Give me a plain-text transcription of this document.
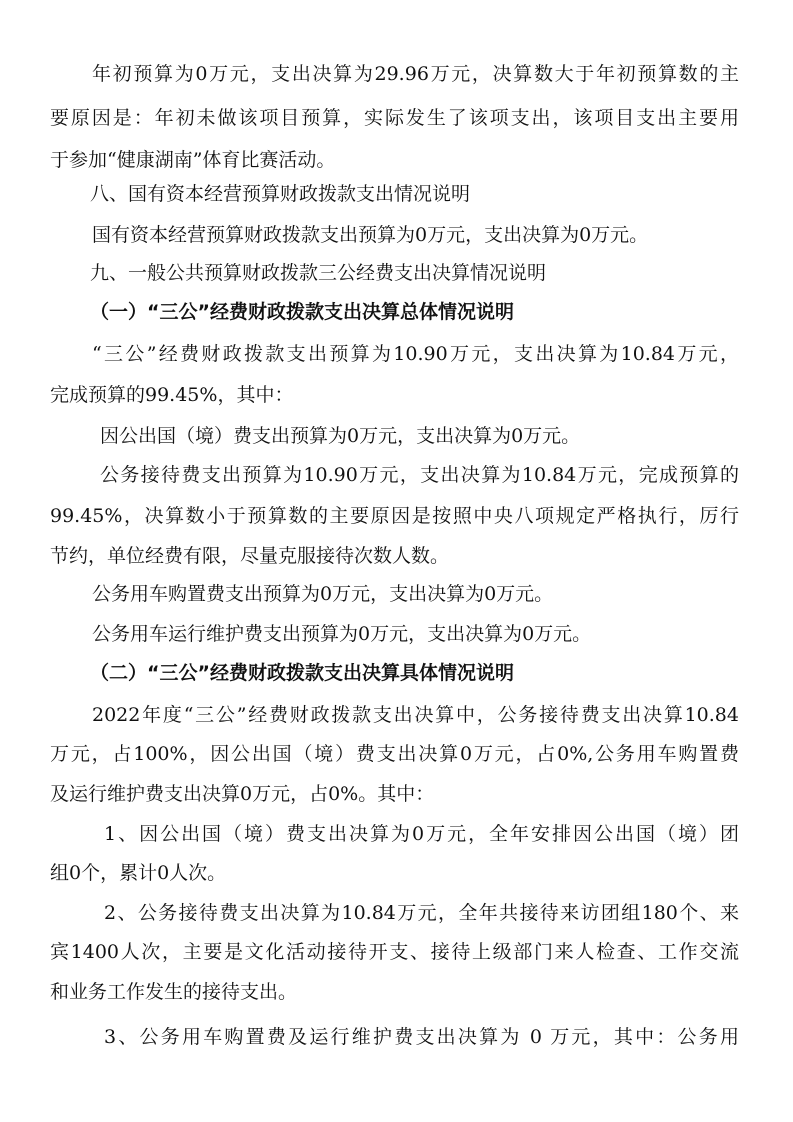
年初预算为0万元，支出决算为29.96万元，决算数大于年初预算数的主
要原因是：年初未做该项目预算，实际发生了该项支出，该项目支出主要用
于参加“健康湖南”体育比赛活动。
八、国有资本经营预算财政拨款支出情况说明
国有资本经营预算财政拨款支出预算为0万元，支出决算为0万元。
九、一般公共预算财政拨款三公经费支出决算情况说明
（一）“三公”经费财政拨款支出决算总体情况说明
“三公”经费财政拨款支出预算为10.90万元，支出决算为10.84万元，
完成预算的99.45%，其中：
因公出国（境）费支出预算为0万元，支出决算为0万元。
公务接待费支出预算为10.90万元，支出决算为10.84万元，完成预算的
99.45%，决算数小于预算数的主要原因是按照中央八项规定严格执行，厉行
节约，单位经费有限，尽量克服接待次数人数。
公务用车购置费支出预算为0万元，支出决算为0万元。
公务用车运行维护费支出预算为0万元，支出决算为0万元。
（二）“三公”经费财政拨款支出决算具体情况说明
2022年度“三公”经费财政拨款支出决算中，公务接待费支出决算10.84
万元，占100%，因公出国（境）费支出决算0万元，占0%,公务用车购置费
及运行维护费支出决算0万元，占0%。其中：
1、因公出国（境）费支出决算为0万元，全年安排因公出国（境）团
组0个，累计0人次。
2、公务接待费支出决算为10.84万元，全年共接待来访团组180个、来
宾1400人次，主要是文化活动接待开支、接待上级部门来人检查、工作交流
和业务工作发生的接待支出。
3、公务用车购置费及运行维护费支出决算为 0 万元，其中：公务用
